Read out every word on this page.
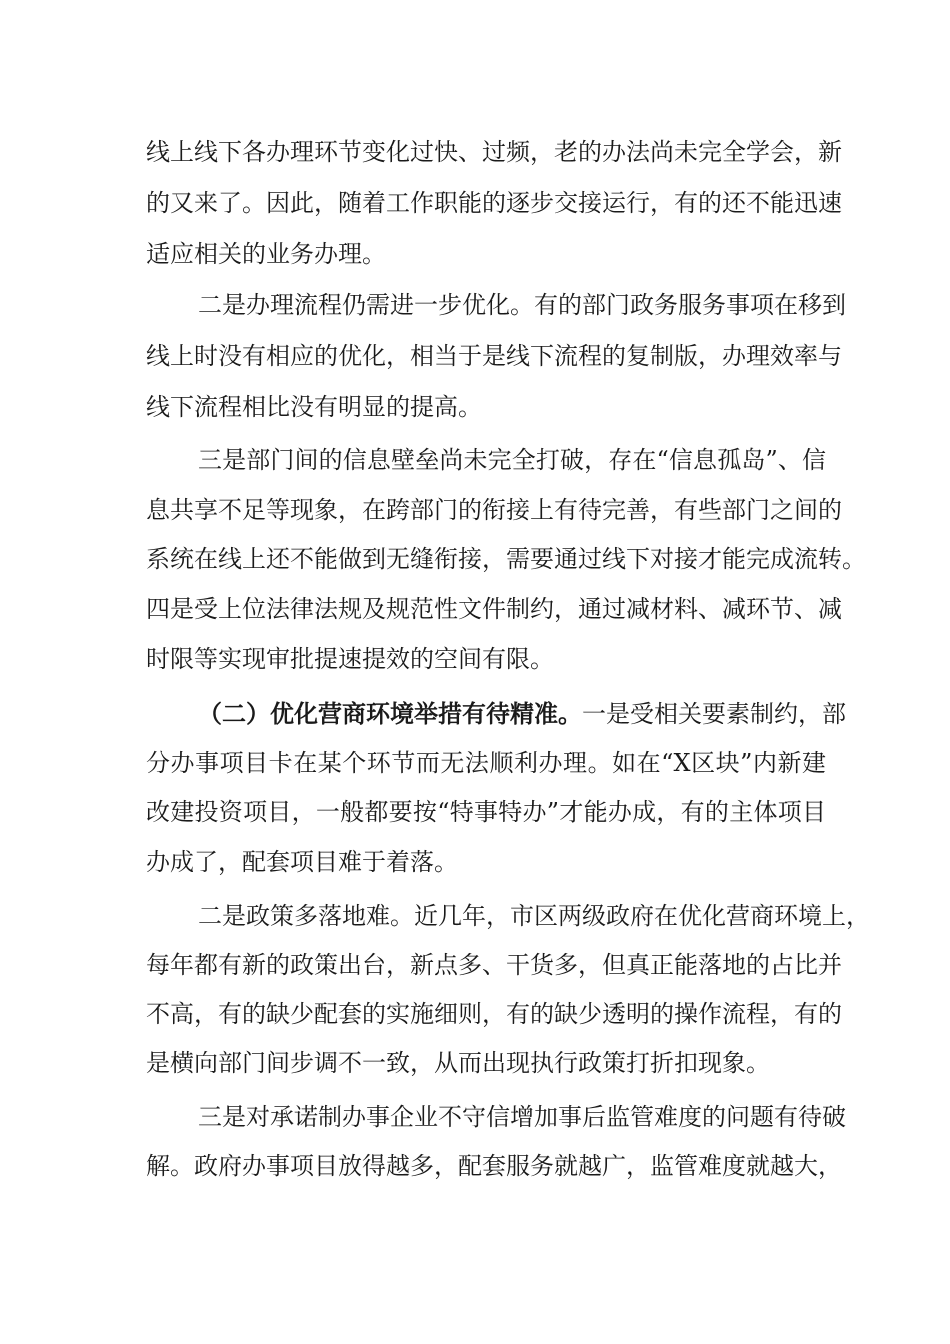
线上线下各办理环节变化过快、过频，老的办法尚未完全学会，新
的又来了。因此，随着工作职能的逐步交接运行，有的还不能迅速
适应相关的业务办理。
二是办理流程仍需进一步优化。有的部门政务服务事项在移到
线上时没有相应的优化，相当于是线下流程的复制版，办理效率与
线下流程相比没有明显的提高。
三是部门间的信息壁垒尚未完全打破，存在“信息孤岛”、信
息共享不足等现象，在跨部门的衔接上有待完善，有些部门之间的
系统在线上还不能做到无缝衔接，需要通过线下对接才能完成流转。
四是受上位法律法规及规范性文件制约，通过减材料、减环节、减
时限等实现审批提速提效的空间有限。
（二）优化营商环境举措有待精准。一是受相关要素制约，部
分办事项目卡在某个环节而无法顺利办理。如在“X区块”内新建
改建投资项目，一般都要按“特事特办”才能办成，有的主体项目
办成了，配套项目难于着落。
二是政策多落地难。近几年，市区两级政府在优化营商环境上，
每年都有新的政策出台，新点多、干货多，但真正能落地的占比并
不高，有的缺少配套的实施细则，有的缺少透明的操作流程，有的
是横向部门间步调不一致，从而出现执行政策打折扣现象。
三是对承诺制办事企业不守信增加事后监管难度的问题有待破
解。政府办事项目放得越多，配套服务就越广，监管难度就越大，
